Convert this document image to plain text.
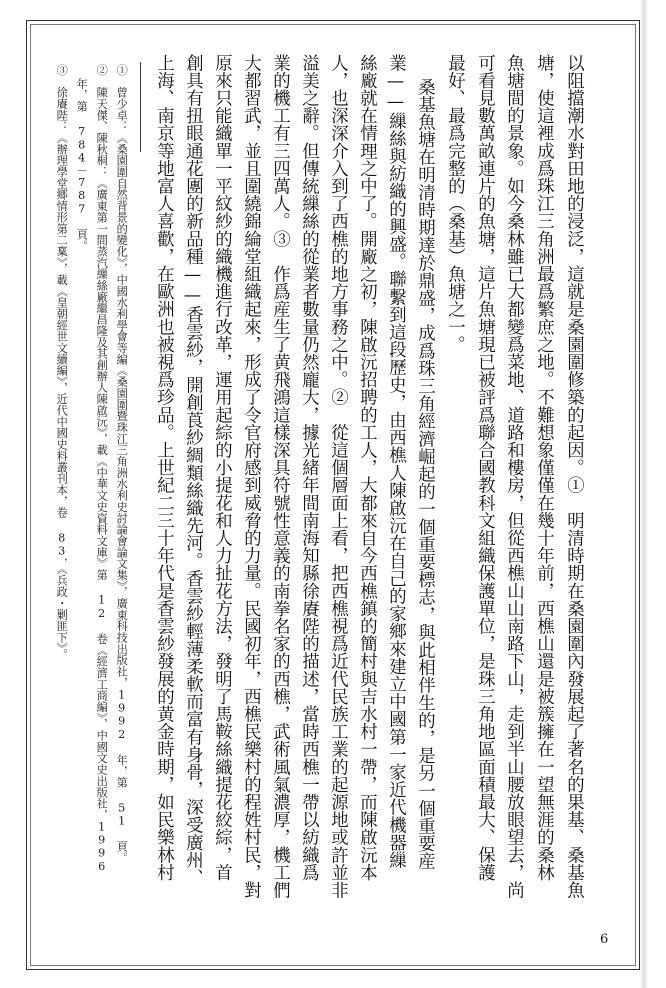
以阻擋潮水對田地的浸泛，這就是桑園圍修築的起因。①　明清時期在桑園圍內發展起了著名的果基、桑基魚
塘，使這裡成爲珠江三角洲最爲繁庶之地。不難想象僅僅在幾十年前，西樵山還是被簇擁在一望無涯的桑林
魚塘間的景象。如今桑林雖已大都變爲菜地、道路和樓房，但從西樵山山南路下山，走到半山腰放眼望去，尚
可看見數萬畝連片的魚塘，這片魚塘現已被評爲聯合國教科文組織保護單位，是珠三角地區面積最大、保護
最好、最爲完整的（桑基）魚塘之一。
桑基魚塘在明清時期達於鼎盛，成爲珠三角經濟崛起的一個重要標志，與此相伴生的，是另一個重要産
業——繅絲與紡織的興盛。聯繫到這段歷史，由西樵人陳啟沅在自己的家鄉來建立中國第一家近代機器繅
絲廠就在情理之中了。開廠之初，陳啟沅招聘的工人，大都來自今西樵鎮的簡村與吉水村一帶，而陳啟沅本
人，也深深介入到了西樵的地方事務之中。②　從這個層面上看，把西樵視爲近代民族工業的起源地或許並非
溢美之辭。但傳統繅絲的從業者數量仍然龐大，據光緒年間南海知縣徐賡陛的描述，當時西樵一帶以紡織爲
業的機工有三四萬人。③　作爲産生了黄飛鴻這樣深具符號性意義的南拳名家的西樵，武術風氣濃厚，機工們
大都習武，並且圍繞錦綸堂組織起來，形成了令官府感到威脅的力量。民國初年，西樵民樂村的程姓村民，對
原來只能織單一平紋紗的織機進行改革，運用起綜的小提花和人力扯花方法，發明了馬鞍絲織提花絞綜，首
創具有扭眼通花團的新品種——香雲紗，開創莨紗綢類絲織先河。香雲紗輕薄柔軟而富有身骨，深受廣州、
上海、南京等地富人喜歡，在歐洲也被視爲珍品。上世紀二三十年代是香雲紗發展的黄金時期，如民樂林村
①　曾少卓：《桑園圍自然背景的變化》，中國水利學會等編《桑園圍暨珠江三角洲水利史討論會論文集》，廣東科技出版社，1992 年，第 51 頁。
②　陳天傑、陳秋桐：《廣東第一間蒸汽繅絲廠繼昌隆及其創辦人陳啟沅》，載《中華文史資料文庫》第 12 卷《經濟工商編》，中國文史出版社，1996
年，第 784－787 頁。
③　徐賡陛：《辦理學堂鄉情形第二稟》，載《皇朝經世文續編》，近代中國史料叢刊本，卷 83，《兵政・剿匪下》。
6
